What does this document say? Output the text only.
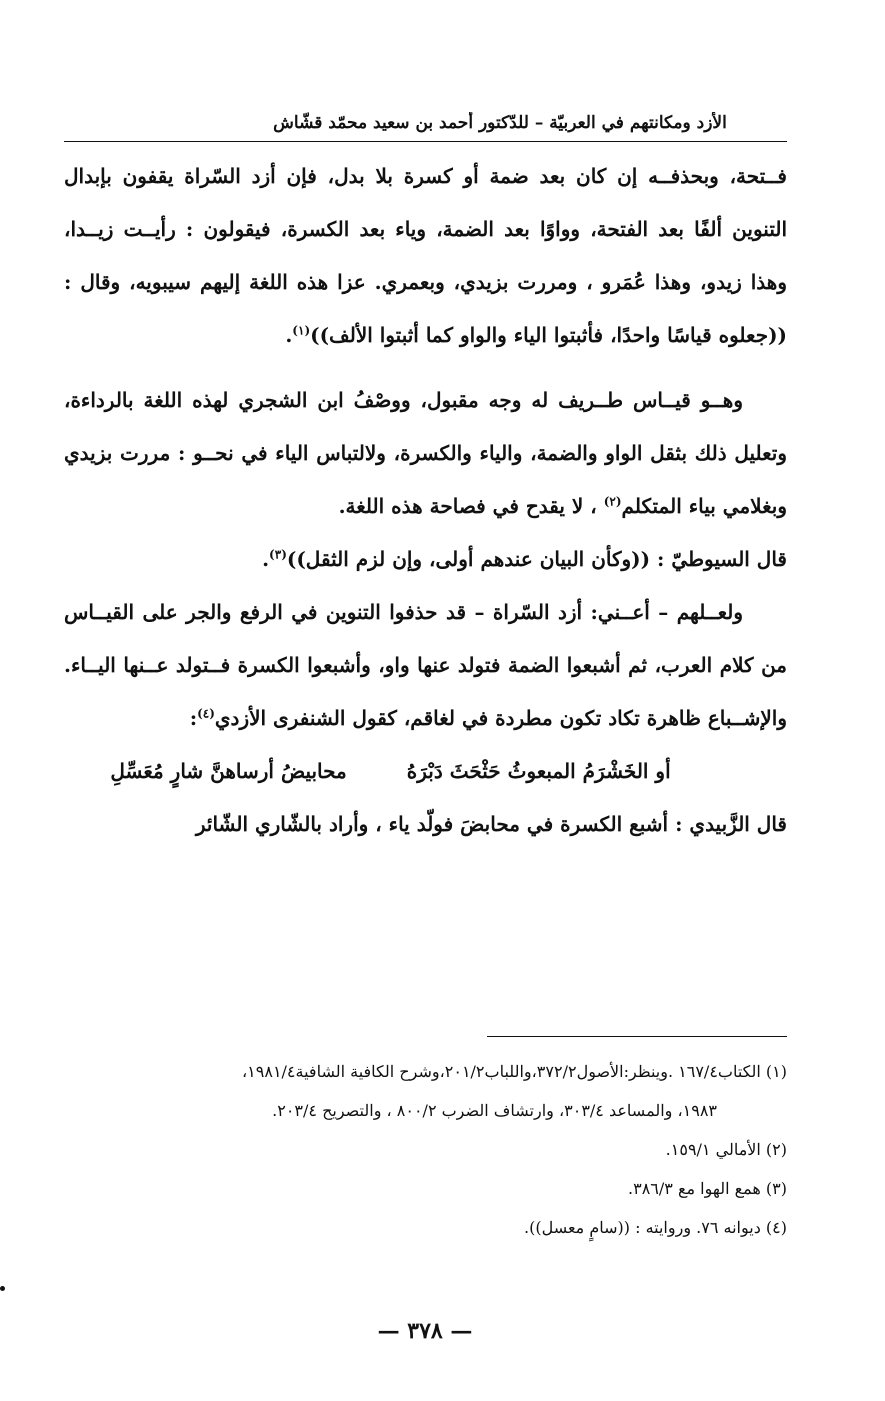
الأزد ومكانتهم في العربيّة – للدّكتور أحمد بن سعيد محمّد قشّاش

فــتحة، وبحذفــه إن كان بعد ضمة أو كسرة بلا بدل، فإن أزد السّراة يقفون بإبدال التنوين ألفًا بعد الفتحة، وواوًا بعد الضمة، وياء بعد الكسرة، فيقولون : رأيــت زيــدا، وهذا زيدو، وهذا عُمَرو ، ومررت بزيدي، وبعمري. عزا هذه اللغة إليهم سيبويه، وقال : ((جعلوه قياسًا واحدًا، فأثبتوا الياء والواو كما أثبتوا الألف))$^{(١)}$.

وهــو قيــاس طــريف له وجه مقبول، ووصْفُ ابن الشجري لهذه اللغة بالرداءة، وتعليل ذلك بثقل الواو والضمة، والياء والكسرة، ولالتباس الياء في نحــو : مررت بزيدي وبغلامي بياء المتكلم$^{(٢)}$ ، لا يقدح في فصاحة هذه اللغة.

قال السيوطيّ : ((وكأن البيان عندهم أولى، وإن لزم الثقل))$^{(٣)}$.

ولعــلهم – أعــني: أزد السّراة – قد حذفوا التنوين في الرفع والجر على القيــاس من كلام العرب، ثم أشبعوا الضمة فتولد عنها واو، وأشبعوا الكسرة فــتولد عــنها اليــاء. والإشــباع ظاهرة تكاد تكون مطردة في لغاقم، كقول الشنفرى الأزدي$^{(٤)}$:

أو الخَشْرَمُ المبعوثُ حَثْحَثَ دَبْرَهُ
محابيضُ أرساهنَّ شارٍ مُعَسِّلِ

قال الزَّبيدي : أشبع الكسرة في محابضَ فولّد ياء ، وأراد بالشّاري الشّائر

(١) الكتاب١٦٧/٤ .وينظر:الأصول٣٧٢/٢،واللباب٢٠١/٢،وشرح الكافية الشافية١٩٨١/٤،

١٩٨٣، والمساعد ٣٠٣/٤، وارتشاف الضرب ٨٠٠/٢ ، والتصريح ٢٠٣/٤.

(٢) الأمالي ١٥٩/١.

(٣) همع الهوا مع ٣٨٦/٣.

(٤) ديوانه ٧٦. وروايته : ((سامٍ معسل)).

— ٣٧٨ —
